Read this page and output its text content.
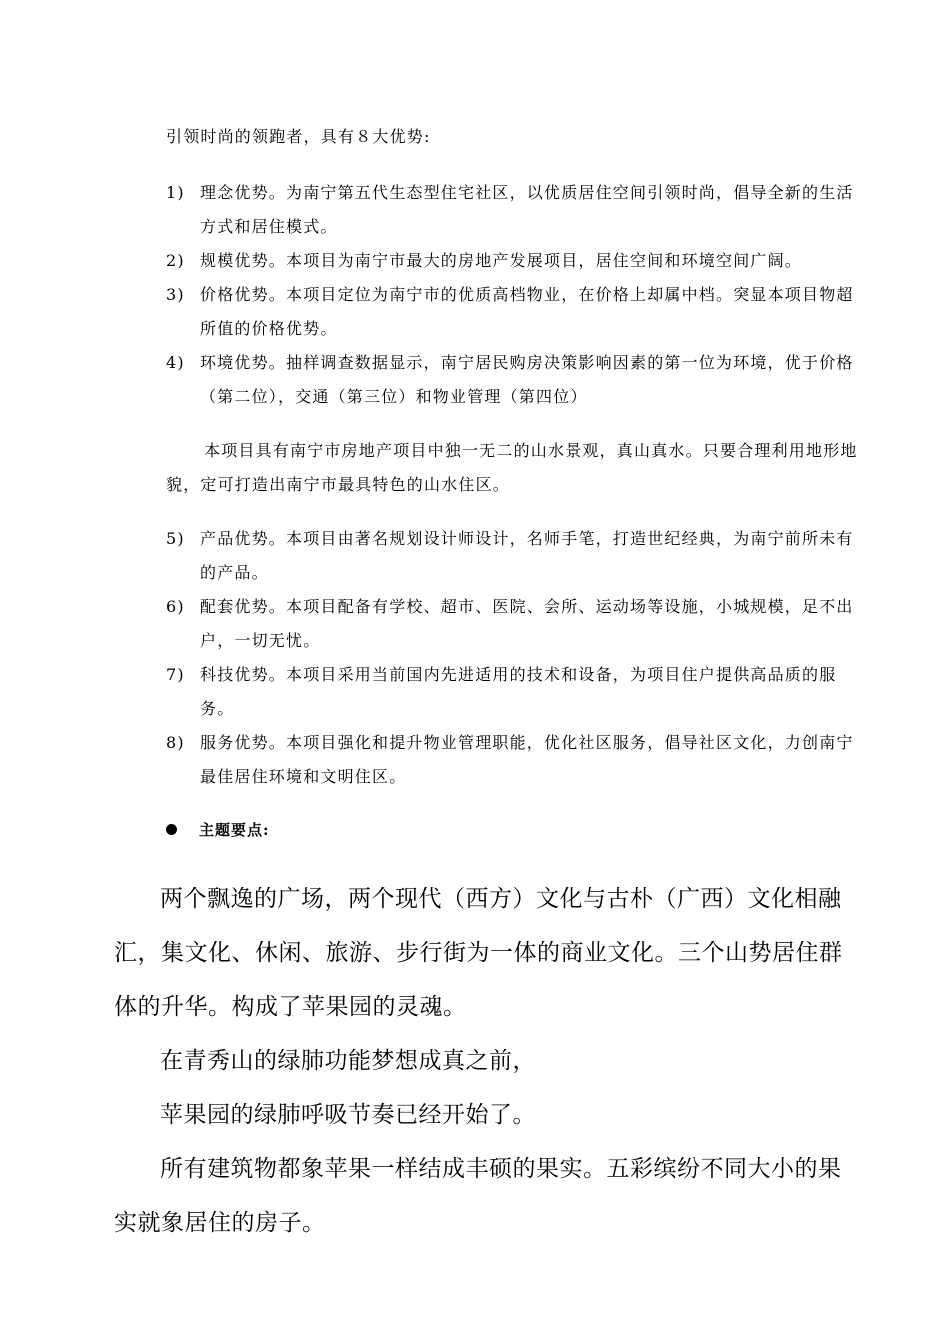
引领时尚的领跑者，具有８大优势:
1) 理念优势。为南宁第五代生态型住宅社区，以优质居住空间引领时尚，倡导全新的生活方式和居住模式。
2) 规模优势。本项目为南宁市最大的房地产发展项目，居住空间和环境空间广阔。
3) 价格优势。本项目定位为南宁市的优质高档物业，在价格上却属中档。突显本项目物超所值的价格优势。
4) 环境优势。抽样调查数据显示，南宁居民购房决策影响因素的第一位为环境，优于价格（第二位），交通（第三位）和物业管理（第四位）
本项目具有南宁市房地产项目中独一无二的山水景观，真山真水。只要合理利用地形地貌，定可打造出南宁市最具特色的山水住区。
5) 产品优势。本项目由著名规划设计师设计，名师手笔，打造世纪经典，为南宁前所未有的产品。
6) 配套优势。本项目配备有学校、超市、医院、会所、运动场等设施，小城规模，足不出户，一切无忧。
7) 科技优势。本项目采用当前国内先进适用的技术和设备，为项目住户提供高品质的服务。
8) 服务优势。本项目强化和提升物业管理职能，优化社区服务，倡导社区文化，力创南宁最佳居住环境和文明住区。
主题要点:

两个飘逸的广场，两个现代（西方）文化与古朴（广西）文化相融汇，集文化、休闲、旅游、步行街为一体的商业文化。三个山势居住群体的升华。构成了苹果园的灵魂。

在青秀山的绿肺功能梦想成真之前，

苹果园的绿肺呼吸节奏已经开始了。

所有建筑物都象苹果一样结成丰硕的果实。五彩缤纷不同大小的果实就象居住的房子。
